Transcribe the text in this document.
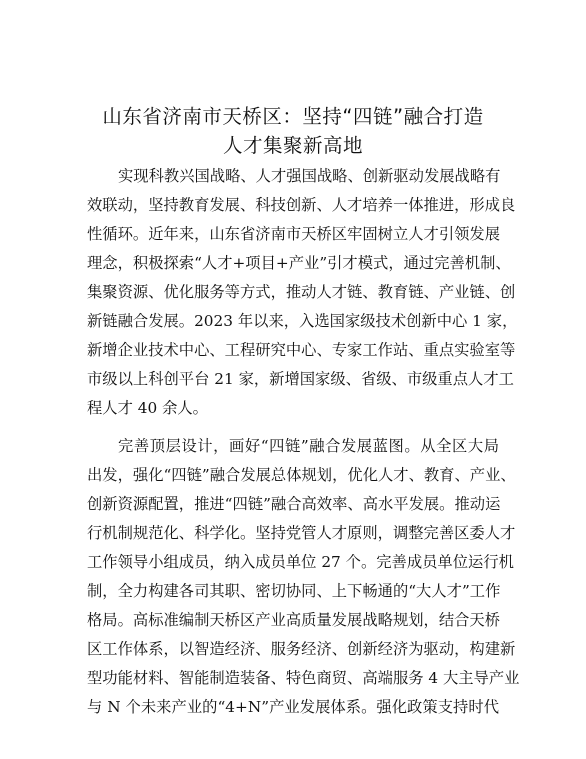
山东省济南市天桥区：坚持“四链”融合打造
人才集聚新高地
实现科教兴国战略、人才强国战略、创新驱动发展战略有
效联动，坚持教育发展、科技创新、人才培养一体推进，形成良
性循环。近年来，山东省济南市天桥区牢固树立人才引领发展
理念，积极探索“人才+项目+产业”引才模式，通过完善机制、
集聚资源、优化服务等方式，推动人才链、教育链、产业链、创
新链融合发展。2023 年以来，入选国家级技术创新中心 1 家，
新增企业技术中心、工程研究中心、专家工作站、重点实验室等
市级以上科创平台 21 家，新增国家级、省级、市级重点人才工
程人才 40 余人。
完善顶层设计，画好“四链”融合发展蓝图。从全区大局
出发，强化“四链”融合发展总体规划，优化人才、教育、产业、
创新资源配置，推进“四链”融合高效率、高水平发展。推动运
行机制规范化、科学化。坚持党管人才原则，调整完善区委人才
工作领导小组成员，纳入成员单位 27 个。完善成员单位运行机
制，全力构建各司其职、密切协同、上下畅通的“大人才”工作
格局。高标准编制天桥区产业高质量发展战略规划，结合天桥
区工作体系，以智造经济、服务经济、创新经济为驱动，构建新
型功能材料、智能制造装备、特色商贸、高端服务 4 大主导产业
与 N 个未来产业的“4+N”产业发展体系。强化政策支持时代
